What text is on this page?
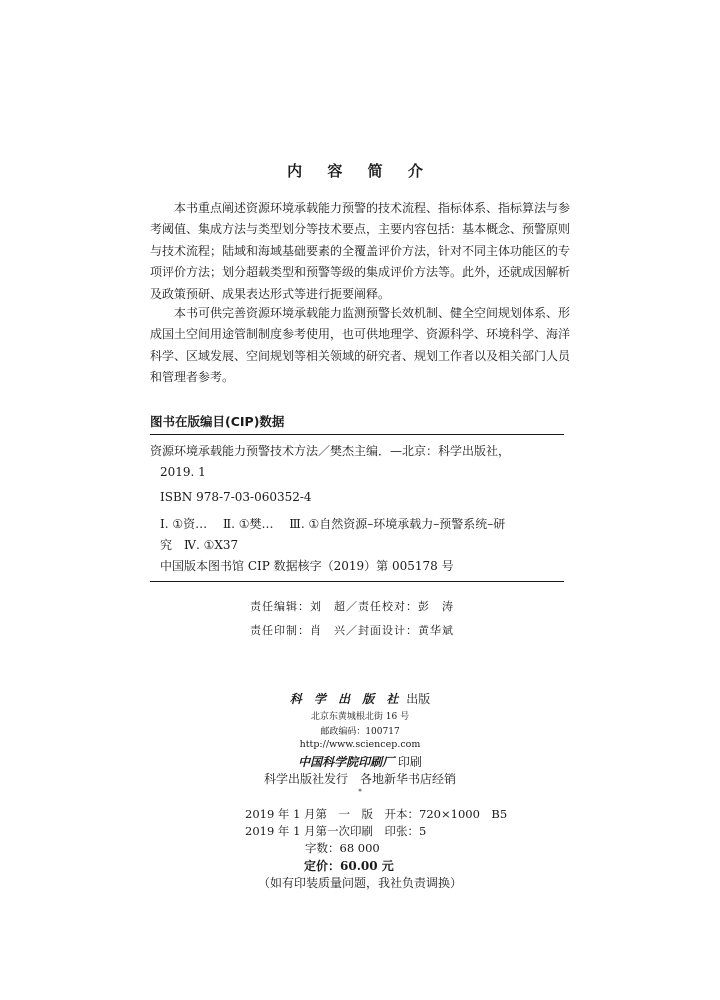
内 容 简 介

本书重点阐述资源环境承载能力预警的技术流程、指标体系、指标算法与参考阈值、集成方法与类型划分等技术要点，主要内容包括：基本概念、预警原则与技术流程；陆域和海域基础要素的全覆盖评价方法，针对不同主体功能区的专项评价方法；划分超载类型和预警等级的集成评价方法等。此外，还就成因解析及政策预研、成果表达形式等进行扼要阐释。

本书可供完善资源环境承载能力监测预警长效机制、健全空间规划体系、形成国土空间用途管制制度参考使用，也可供地理学、资源科学、环境科学、海洋科学、区域发展、空间规划等相关领域的研究者、规划工作者以及相关部门人员和管理者参考。

图书在版编目(CIP)数据
资源环境承载能力预警技术方法／樊杰主编．—北京：科学出版社，
2019. 1
ISBN 978-7-03-060352-4
Ⅰ. ①资…　 Ⅱ. ①樊…　 Ⅲ. ①自然资源–环境承载力–预警系统–研
究　Ⅳ. ①X37
中国版本图书馆 CIP 数据核字（2019）第 005178 号
责任编辑：刘　超／责任校对：彭　涛
责任印制：肖　兴／封面设计：黄华斌
科 学 出 版 社 出版
北京东黄城根北街 16 号
邮政编码：100717
http://www.sciencep.com
中国科学院印刷厂 印刷
科学出版社发行　各地新华书店经销
*
2019 年 1 月第　一　版　开本：720×1000　B5
2019 年 1 月第一次印刷　印张：5
字数：68 000
定价：60.00 元
（如有印装质量问题，我社负责调换）
